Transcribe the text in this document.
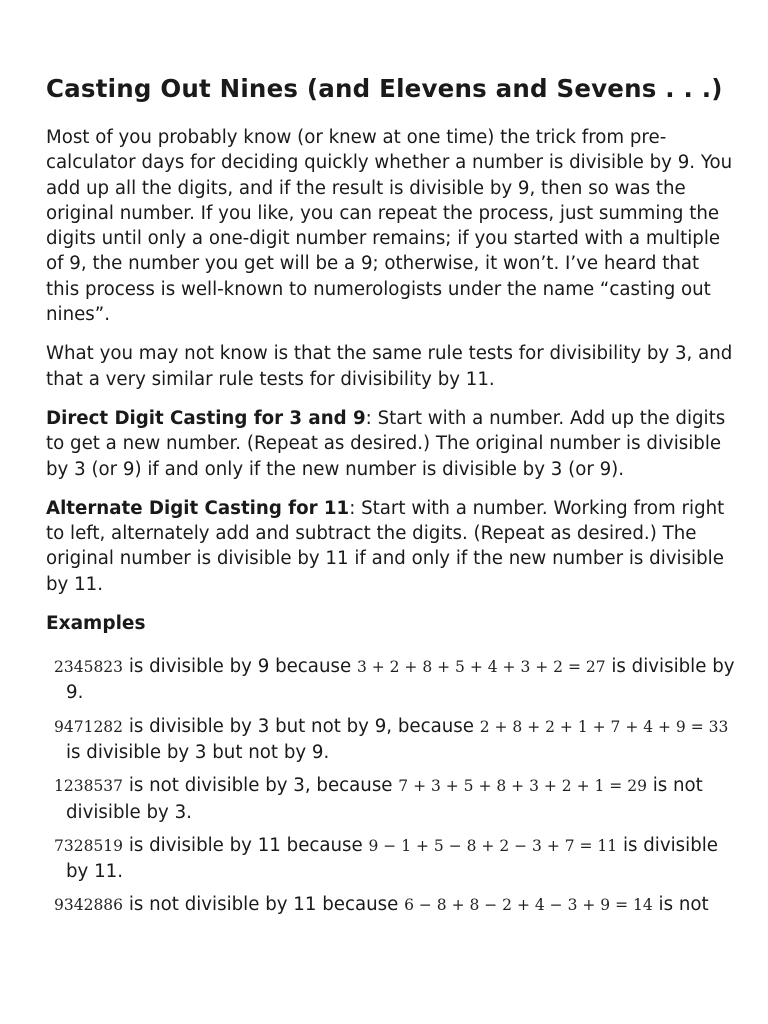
Casting Out Nines (and Elevens and Sevens . . .)

Most of you probably know (or knew at one time) the trick from pre-calculator days for deciding quickly whether a number is divisible by 9. You add up all the digits, and if the result is divisible by 9, then so was the original number. If you like, you can repeat the process, just summing the digits until only a one-digit number remains; if you started with a multiple of 9, the number you get will be a 9; otherwise, it won’t. I’ve heard that this process is well-known to numerologists under the name “casting out nines”.

What you may not know is that the same rule tests for divisibility by 3, and that a very similar rule tests for divisibility by 11.

Direct Digit Casting for 3 and 9: Start with a number. Add up the digits to get a new number. (Repeat as desired.) The original number is divisible by 3 (or 9) if and only if the new number is divisible by 3 (or 9).

Alternate Digit Casting for 11: Start with a number. Working from right to left, alternately add and subtract the digits. (Repeat as desired.) The original number is divisible by 11 if and only if the new number is divisible by 11.

Examples
2345823 is divisible by 9 because 3 + 2 + 8 + 5 + 4 + 3 + 2 = 27 is divisible by 9.
9471282 is divisible by 3 but not by 9, because 2 + 8 + 2 + 1 + 7 + 4 + 9 = 33 is divisible by 3 but not by 9.
1238537 is not divisible by 3, because 7 + 3 + 5 + 8 + 3 + 2 + 1 = 29 is not divisible by 3.
7328519 is divisible by 11 because 9 − 1 + 5 − 8 + 2 − 3 + 7 = 11 is divisible by 11.
9342886 is not divisible by 11 because 6 − 8 + 8 − 2 + 4 − 3 + 9 = 14 is not
